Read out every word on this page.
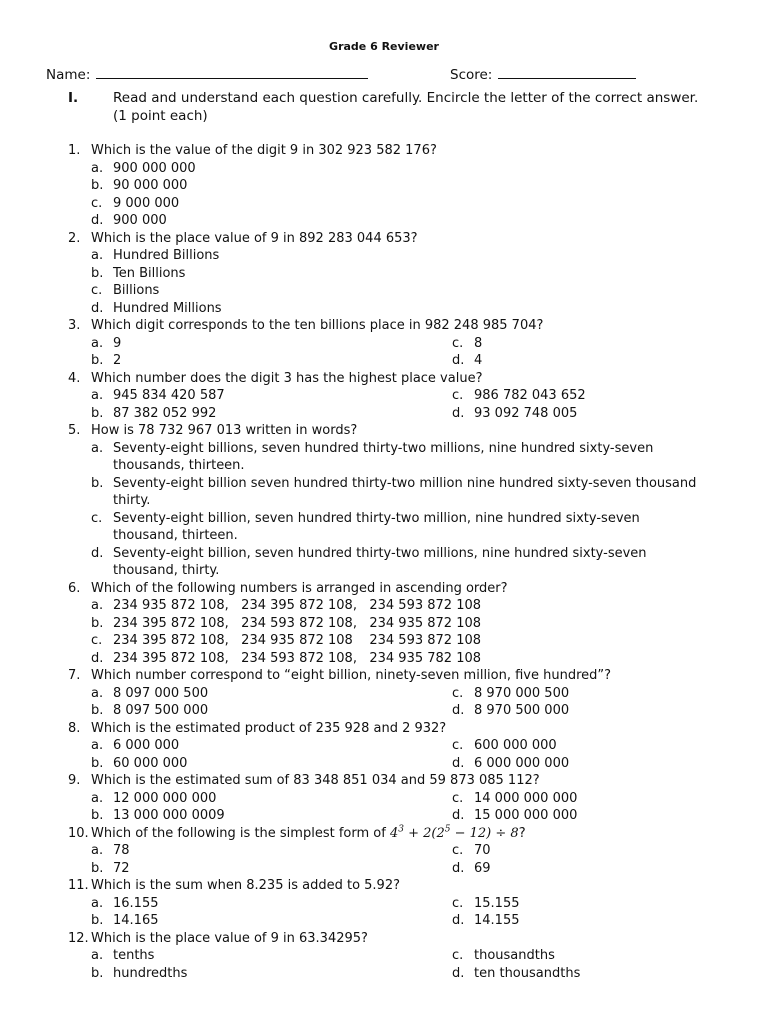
Grade 6 Reviewer
Name:	Score:
I.	Read and understand each question carefully. Encircle the letter of the correct answer. (1 point each)
1. Which is the value of the digit 9 in 302 923 582 176?
a. 900 000 000
b. 90 000 000
c. 9 000 000
d. 900 000
2. Which is the place value of 9 in 892 283 044 653?
a. Hundred Billions
b. Ten Billions
c. Billions
d. Hundred Millions
3. Which digit corresponds to the ten billions place in 982 248 985 704?
a. 9	c. 8
b. 2	d. 4
4. Which number does the digit 3 has the highest place value?
a. 945 834 420 587	c. 986 782 043 652
b. 87 382 052 992	d. 93 092 748 005
5. How is 78 732 967 013 written in words?
a. Seventy-eight billions, seven hundred thirty-two millions, nine hundred sixty-seven thousands, thirteen.
b. Seventy-eight billion seven hundred thirty-two million nine hundred sixty-seven thousand thirty.
c. Seventy-eight billion, seven hundred thirty-two million, nine hundred sixty-seven thousand, thirteen.
d. Seventy-eight billion, seven hundred thirty-two millions, nine hundred sixty-seven thousand, thirty.
6. Which of the following numbers is arranged in ascending order?
a. 234 935 872 108,   234 395 872 108,   234 593 872 108
b. 234 395 872 108,   234 593 872 108,   234 935 872 108
c. 234 395 872 108,   234 935 872 108    234 593 872 108
d. 234 395 872 108,   234 593 872 108,   234 935 782 108
7. Which number correspond to “eight billion, ninety-seven million, five hundred”?
a. 8 097 000 500	c. 8 970 000 500
b. 8 097 500 000	d. 8 970 500 000
8. Which is the estimated product of 235 928 and 2 932?
a. 6 000 000	c. 600 000 000
b. 60 000 000	d. 6 000 000 000
9. Which is the estimated sum of 83 348 851 034 and 59 873 085 112?
a. 12 000 000 000	c. 14 000 000 000
b. 13 000 000 0009	d. 15 000 000 000
10. Which of the following is the simplest form of $4^3 + 2(2^5 - 12) \div 8$?
a. 78	c. 70
b. 72	d. 69
11. Which is the sum when 8.235 is added to 5.92?
a. 16.155	c. 15.155
b. 14.165	d. 14.155
12. Which is the place value of 9 in 63.34295?
a. tenths	c. thousandths
b. hundredths	d. ten thousandths
